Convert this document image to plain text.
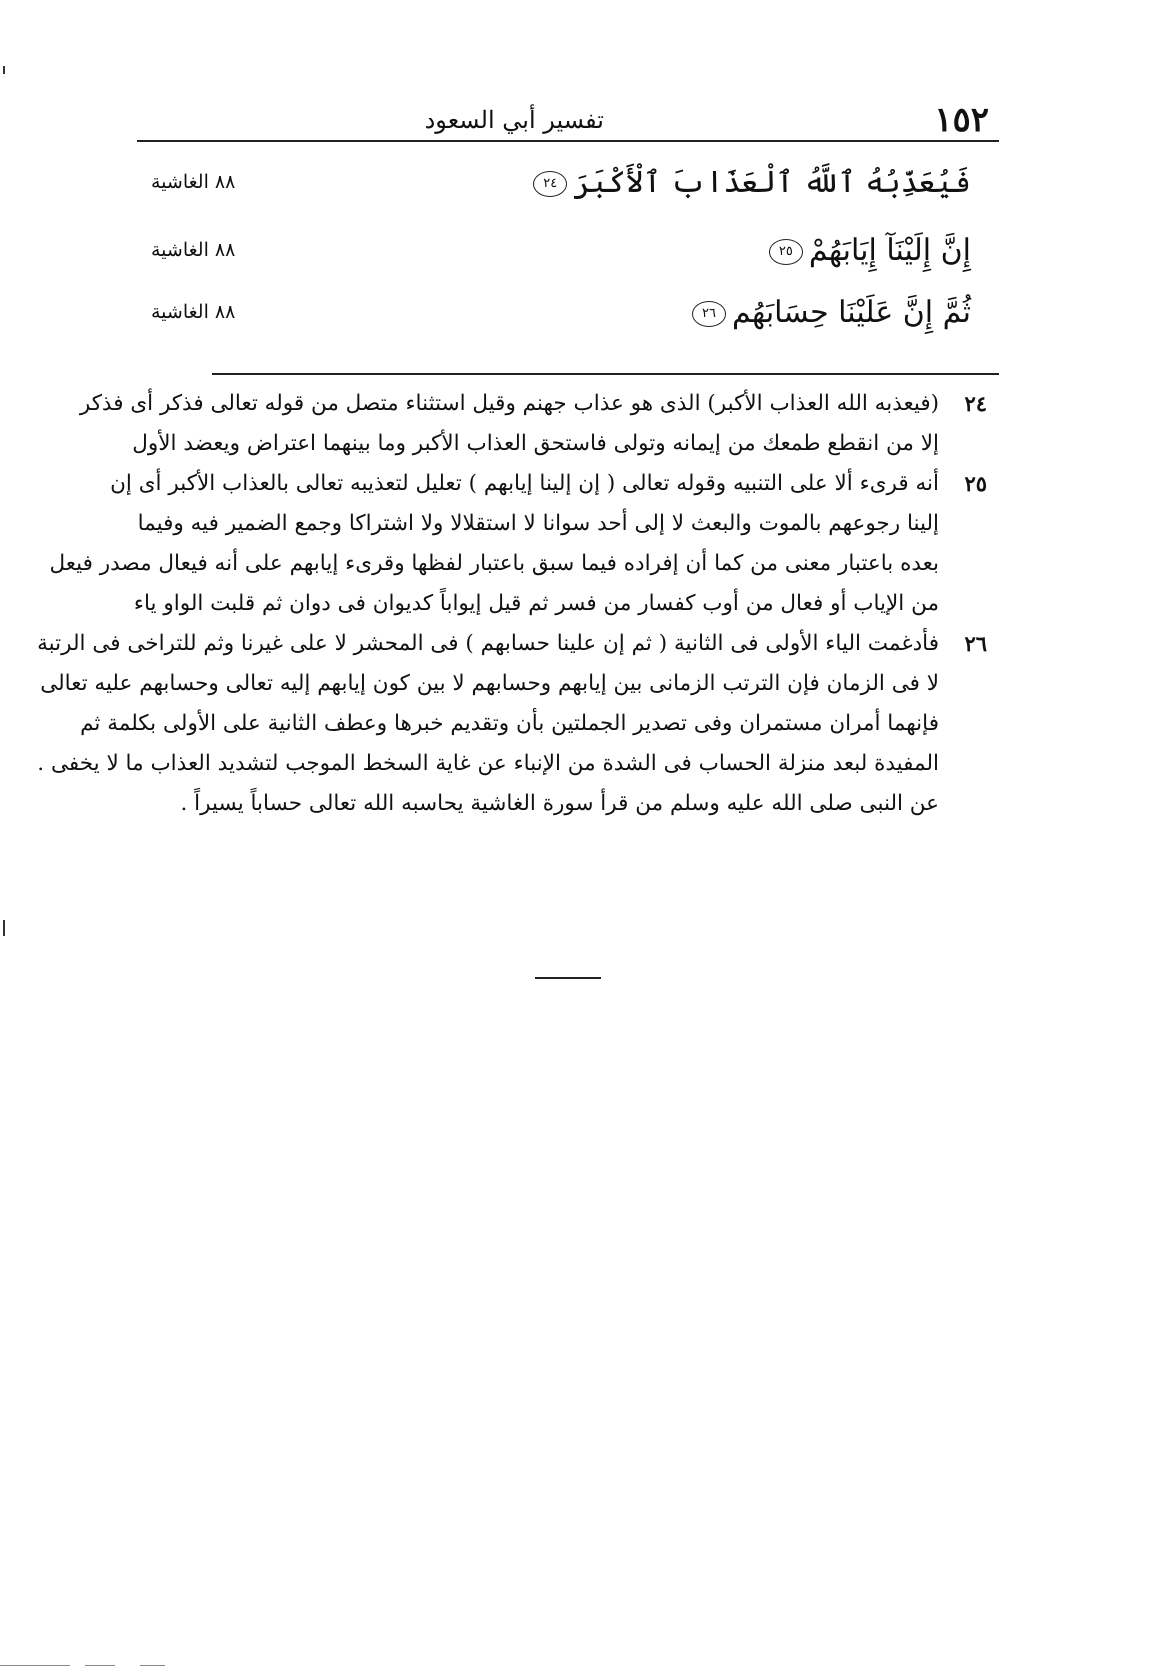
١٥٢
تفسير أبي السعود
فَيُعَذِّبُهُ ٱللَّهُ ٱلْعَذَابَ ٱلْأَكْبَرَ٢٤
٨٨ الغاشية
إِنَّ إِلَيْنَآ إِيَابَهُمْ٢٥
٨٨ الغاشية
ثُمَّ إِنَّ عَلَيْنَا حِسَابَهُم٢٦
٨٨ الغاشية
٢٤
(فيعذبه الله العذاب الأكبر) الذى هو عذاب جهنم وقيل استثناء متصل من قوله تعالى فذكر أى فذكر
إلا من انقطع طمعك من إيمانه وتولى فاستحق العذاب الأكبر وما بينهما اعتراض ويعضد الأول
٢٥
أنه قرىء ألا على التنبيه وقوله تعالى ( إن إلينا إيابهم ) تعليل لتعذيبه تعالى بالعذاب الأكبر أى إن
إلينا رجوعهم بالموت والبعث لا إلى أحد سوانا لا استقلالا ولا اشتراكا وجمع الضمير فيه وفيما
بعده باعتبار معنى من كما أن إفراده فيما سبق باعتبار لفظها وقرىء إيابهم على أنه فيعال مصدر فيعل
من الإياب أو فعال من أوب كفسار من فسر ثم قيل إيواباً كديوان فى دوان ثم قلبت الواو ياء
٢٦
فأدغمت الياء الأولى فى الثانية ( ثم إن علينا حسابهم ) فى المحشر لا على غيرنا وثم للتراخى فى الرتبة
لا فى الزمان فإن الترتب الزمانى بين إيابهم وحسابهم لا بين كون إيابهم إليه تعالى وحسابهم عليه تعالى
فإنهما أمران مستمران وفى تصدير الجملتين بأن وتقديم خبرها وعطف الثانية على الأولى بكلمة ثم
المفيدة لبعد منزلة الحساب فى الشدة من الإنباء عن غاية السخط الموجب لتشديد العذاب ما لا يخفى .
عن النبى صلى الله عليه وسلم من قرأ سورة الغاشية يحاسبه الله تعالى حساباً يسيراً .
